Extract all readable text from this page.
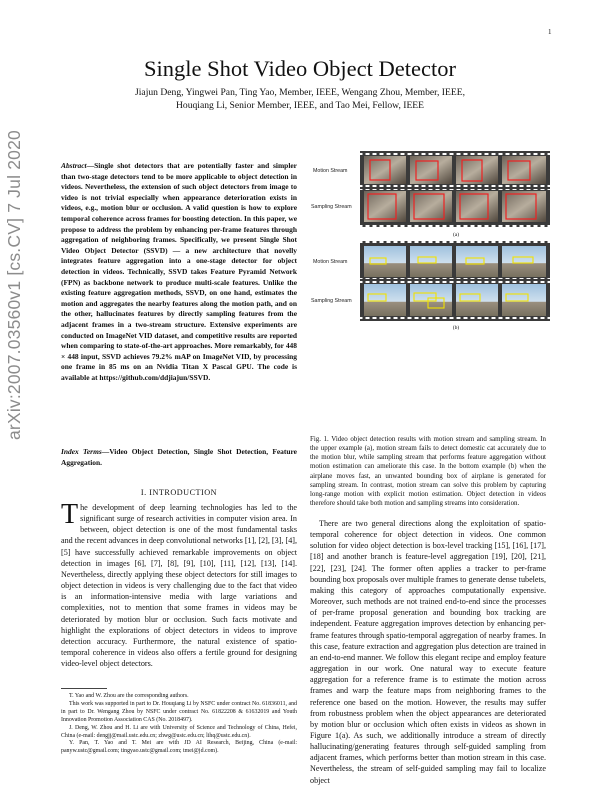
1
arXiv:2007.03560v1 [cs.CV] 7 Jul 2020
Single Shot Video Object Detector
Jiajun Deng, Yingwei Pan, Ting Yao, Member, IEEE, Wengang Zhou, Member, IEEE,
Houqiang Li, Senior Member, IEEE, and Tao Mei, Fellow, IEEE
Abstract—Single shot detectors that are potentially faster and simpler than two-stage detectors tend to be more applicable to object detection in videos. Nevertheless, the extension of such object detectors from image to video is not trivial especially when appearance deterioration exists in videos, e.g., motion blur or occlusion. A valid question is how to explore temporal coherence across frames for boosting detection. In this paper, we propose to address the problem by enhancing per-frame features through aggregation of neighboring frames. Specifically, we present Single Shot Video Object Detector (SSVD) — a new architecture that novelly integrates feature aggregation into a one-stage detector for object detection in videos. Technically, SSVD takes Feature Pyramid Network (FPN) as backbone network to produce multi-scale features. Unlike the existing feature aggregation methods, SSVD, on one hand, estimates the motion and aggregates the nearby features along the motion path, and on the other, hallucinates features by directly sampling features from the adjacent frames in a two-stream structure. Extensive experiments are conducted on ImageNet VID dataset, and competitive results are reported when comparing to state-of-the-art approaches. More remarkably, for 448 × 448 input, SSVD achieves 79.2% mAP on ImageNet VID, by processing one frame in 85 ms on an Nvidia Titan X Pascal GPU. The code is available at https://github.com/ddjiajun/SSVD.
Index Terms—Video Object Detection, Single Shot Detection, Feature Aggregation.
I. INTRODUCTION
The development of deep learning technologies has led to the significant surge of research activities in computer vision area. In between, object detection is one of the most fundamental tasks and the recent advances in deep convolutional networks [1], [2], [3], [4], [5] have successfully achieved remarkable improvements on object detection in images [6], [7], [8], [9], [10], [11], [12], [13], [14]. Nevertheless, directly applying these object detectors for still images to object detection in videos is very challenging due to the fact that video is an information-intensive media with large variations and complexities, not to mention that some frames in videos may be deteriorated by motion blur or occlusion. Such facts motivate and highlight the explorations of object detectors in videos to improve detection accuracy. Furthermore, the natural existence of spatio-temporal coherence in videos also offers a fertile ground for designing video-level object detectors.

T. Yao and W. Zhou are the corresponding authors.

This work was supported in part to Dr. Houqiang Li by NSFC under contract No. 61836011, and in part to Dr. Wengang Zhou by NSFC under contract No. 61822208 & 61632019 and Youth Innovation Promotion Association CAS (No. 2018497).

J. Deng, W. Zhou and H. Li are with University of Science and Technology of China, Hefei, China (e-mail: dengjj@mail.ustc.edu.cn; zhwg@ustc.edu.cn; lihq@ustc.edu.cn).

Y. Pan, T. Yao and T. Mei are with JD AI Research, Beijing, China (e-mail: panyw.ustc@gmail.com; tingyao.ustc@gmail.com; tmei@jd.com).

(a)
(b)
Motion Stream
Sampling Stream
Motion Stream
Sampling Stream
Fig. 1. Video object detection results with motion stream and sampling stream. In the upper example (a), motion stream fails to detect domestic cat accurately due to the motion blur, while sampling stream that performs feature aggregation without motion estimation can ameliorate this case. In the bottom example (b) when the airplane moves fast, an unwanted bounding box of airplane is generated for sampling stream. In contrast, motion stream can solve this problem by capturing long-range motion with explicit motion estimation. Object detection in videos therefore should take both motion and sampling streams into consideration.
There are two general directions along the exploitation of spatio-temporal coherence for object detection in videos. One common solution for video object detection is box-level tracking [15], [16], [17], [18] and another branch is feature-level aggregation [19], [20], [21], [22], [23], [24]. The former often applies a tracker to per-frame bounding box proposals over multiple frames to generate dense tubelets, making this category of approaches computationally expensive. Moreover, such methods are not trained end-to-end since the processes of per-frame proposal generation and bounding box tracking are independent. Feature aggregation improves detection by enhancing per-frame features through spatio-temporal aggregation of nearby frames. In this case, feature extraction and aggregation plus detection are trained in an end-to-end manner. We follow this elegant recipe and employ feature aggregation in our work. One natural way to execute feature aggregation for a reference frame is to estimate the motion across frames and warp the feature maps from neighboring frames to the reference one based on the motion. However, the results may suffer from robustness problem when the object appearances are deteriorated by motion blur or occlusion which often exists in videos as shown in Figure 1(a). As such, we additionally introduce a stream of directly hallucinating/generating features through self-guided sampling from adjacent frames, which performs better than motion stream in this case. Nevertheless, the stream of self-guided sampling may fail to localize object
